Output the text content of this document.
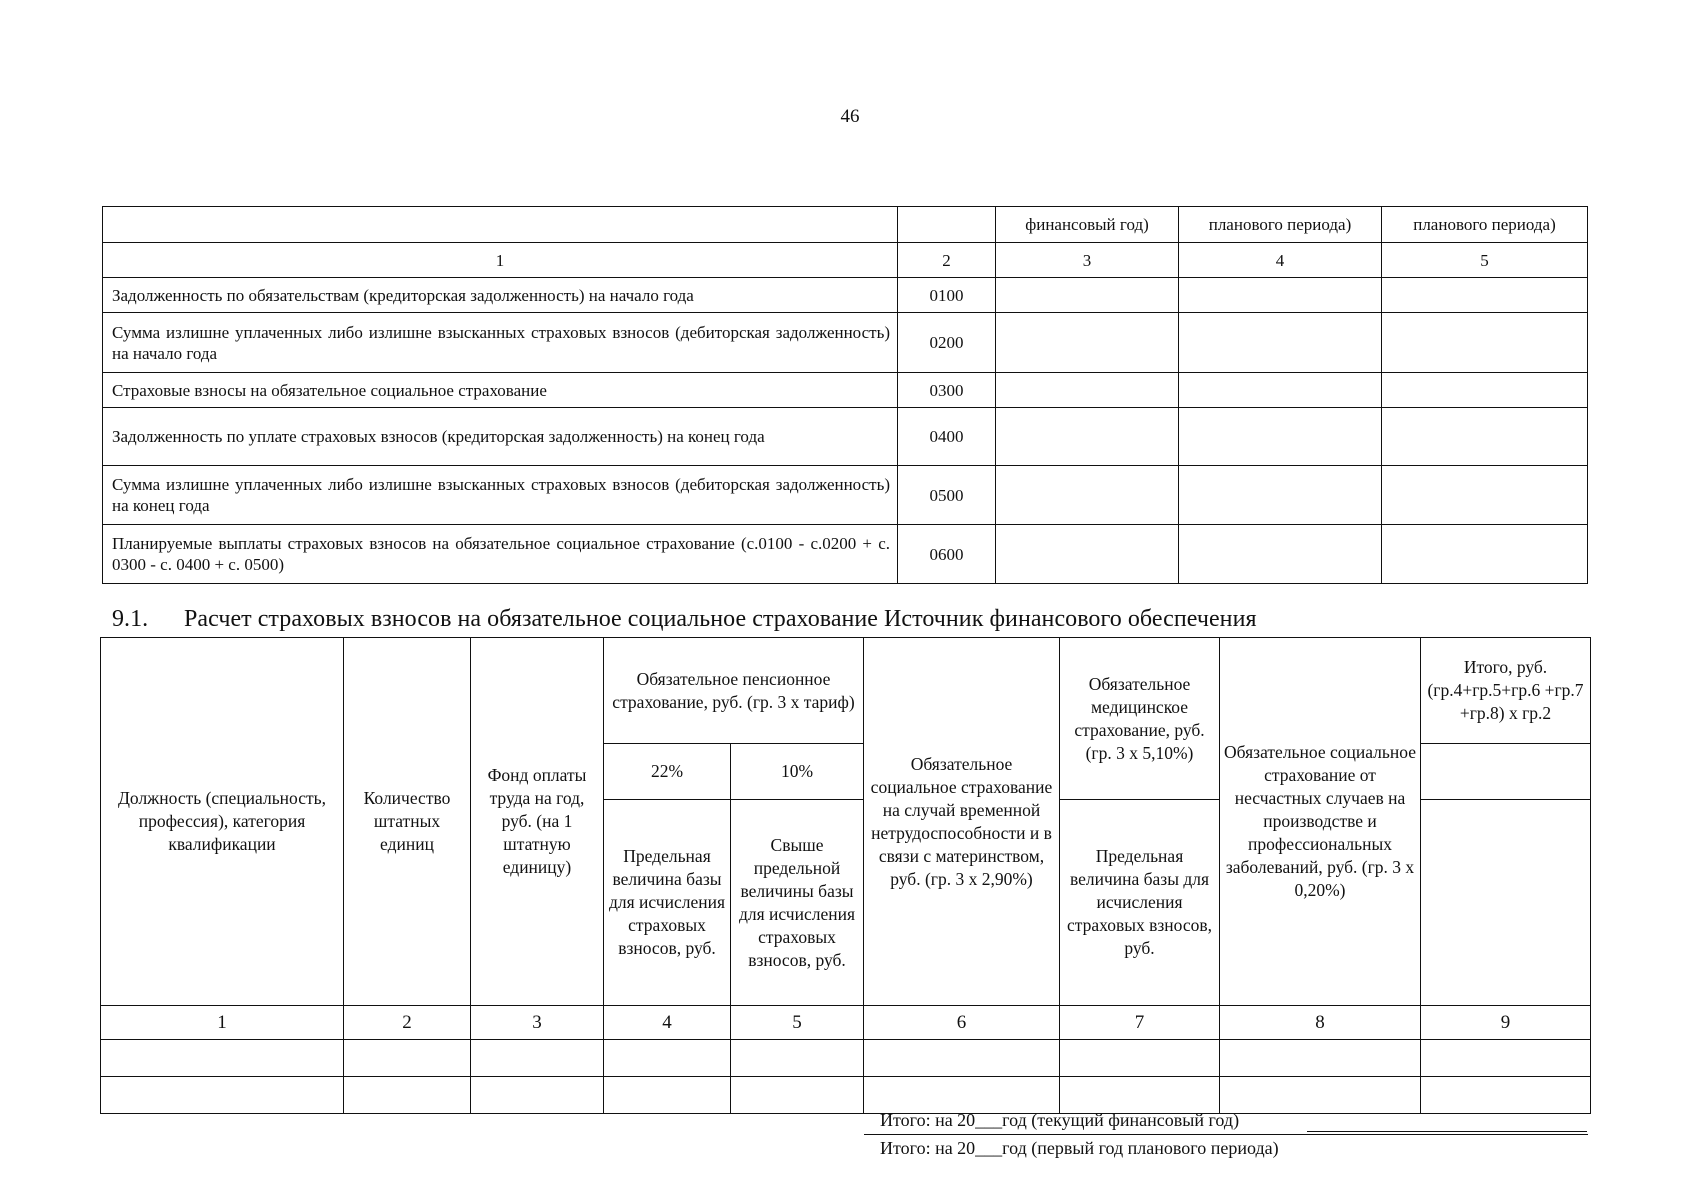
46
		финансовый год)	планового периода)	планового периода)
1	2	3	4	5
Задолженность по обязательствам (кредиторская задолженность) на начало года	0100			
Сумма излишне уплаченных либо излишне взысканных страховых взносов (дебиторская задолженность) на начало года	0200			
Страховые взносы на обязательное социальное страхование	0300			
Задолженность по уплате страховых взносов (кредиторская задолженность) на конец года	0400			
Сумма излишне уплаченных либо излишне взысканных страховых взносов (дебиторская задолженность) на конец года	0500			
Планируемые выплаты страховых взносов на обязательное социальное страхование (с.0100 - с.0200 + с. 0300 - с. 0400 + с. 0500)	0600			
9.1. Расчет страховых взносов на обязательное социальное страхование Источник финансового обеспечения
Должность (специальность, профессия), категория квалификации	Количество штатных единиц	Фонд оплаты труда на год, руб. (на 1 штатную единицу)	Обязательное пенсионное страхование, руб. (гр. 3 х тариф)		Обязательное социальное страхование на случай временной нетрудоспособности и в связи с материнством, руб. (гр. 3 х 2,90%)	Обязательное медицинское страхование, руб. (гр. 3 х 5,10%)	Обязательное социальное страхование от несчастных случаев на производстве и профессиональных заболеваний, руб. (гр. 3 х 0,20%)	Итого, руб. (гр.4+гр.5+гр.6 +гр.7 +гр.8) х гр.2
			22%	10%				
			Предельная величина базы для исчисления страховых взносов, руб.	Свыше предельной величины базы для исчисления страховых взносов, руб.		Предельная величина базы для исчисления страховых взносов, руб.		
1	2	3	4	5	6	7	8	9

Итого: на 20___год (текущий финансовый год)
Итого: на 20___год (первый год планового периода)
